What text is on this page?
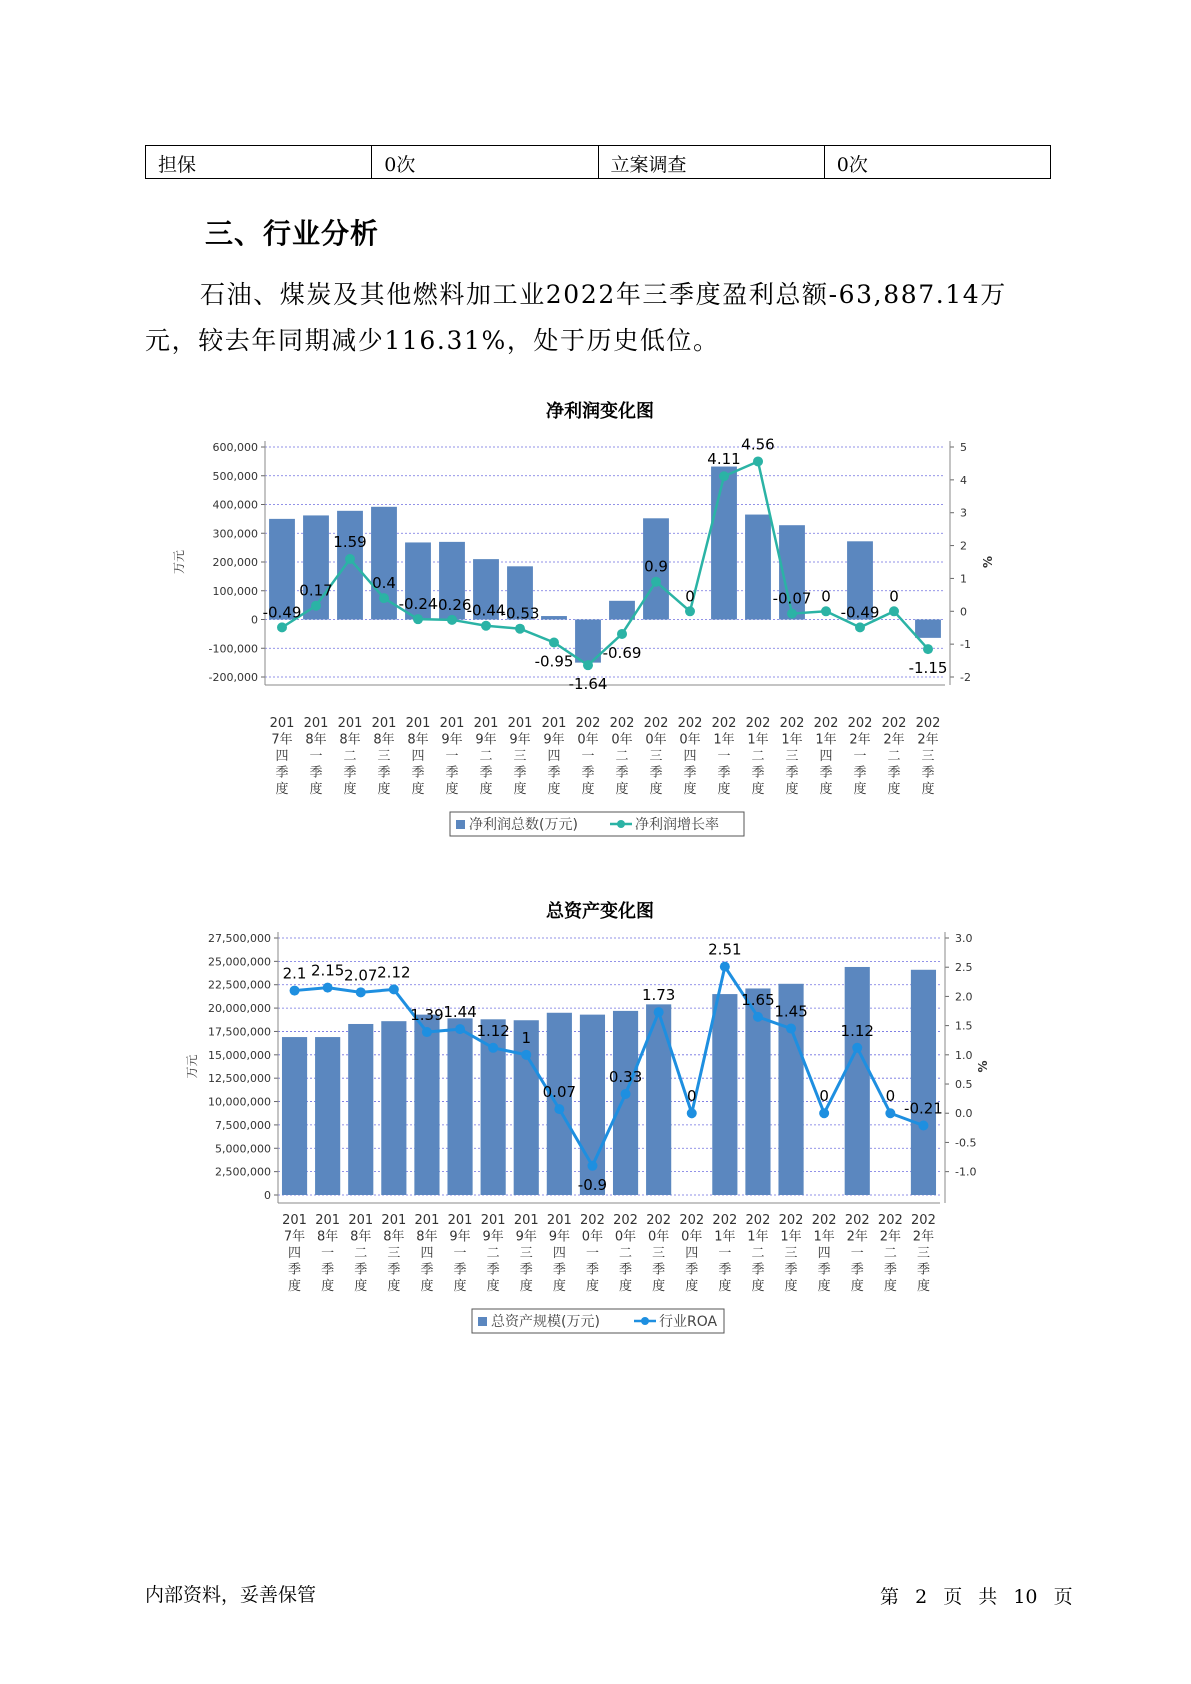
担保	0次	立案调查	0次
三、行业分析

石油、煤炭及其他燃料加工业2022年三季度盈利总额-63,887.14万元，较去年同期减少116.31%，处于历史低位。

净利润变化图
600,000
500,000
400,000
300,000
200,000
100,000
0
-100,000
-200,000
5
4
3
2
1
0
-1
-2
万元	%
-0.49
0.17
1.59
0.4
-0.24
-0.26
-0.44
-0.53
-0.95
-1.64
-0.69
0.9
0
4.11
4.56
-0.07 0
-0.49
0
-1.15
201 7年四季度
201 8年一季度
201 8年二季度
201 8年三季度
201 8年四季度
201 9年一季度
201 9年二季度
201 9年三季度
201 9年四季度
202 0年一季度
202 0年二季度
202 0年三季度
202 0年四季度
202 1年一季度
202 1年二季度
202 1年三季度
202 1年四季度
202 2年一季度
202 2年二季度
202 2年三季度
净利润总数(万元)	净利润增长率
总资产变化图
27,500,000
25,000,000
22,500,000
20,000,000
17,500,000
15,000,000
12,500,000
10,000,000
7,500,000
5,000,000
2,500,000
0
3.0
2.5
2.0
1.5
1.0
0.5
0.0
-0.5
-1.0
万元	%
2.1 2.15 2.07 2.12
1.39 1.44
1.12 1
0.07
-0.9
0.33
1.73
0
2.51
1.65
1.45
0
1.12
0
-0.21
201 7年四季度
201 8年一季度
201 8年二季度
201 8年三季度
201 8年四季度
201 9年一季度
201 9年二季度
201 9年三季度
201 9年四季度
202 0年一季度
202 0年二季度
202 0年三季度
202 0年四季度
202 1年一季度
202 1年二季度
202 1年三季度
202 1年四季度
202 2年一季度
202 2年二季度
202 2年三季度
总资产规模(万元)	行业ROA
内部资料，妥善保管	第 2 页 共 10 页
